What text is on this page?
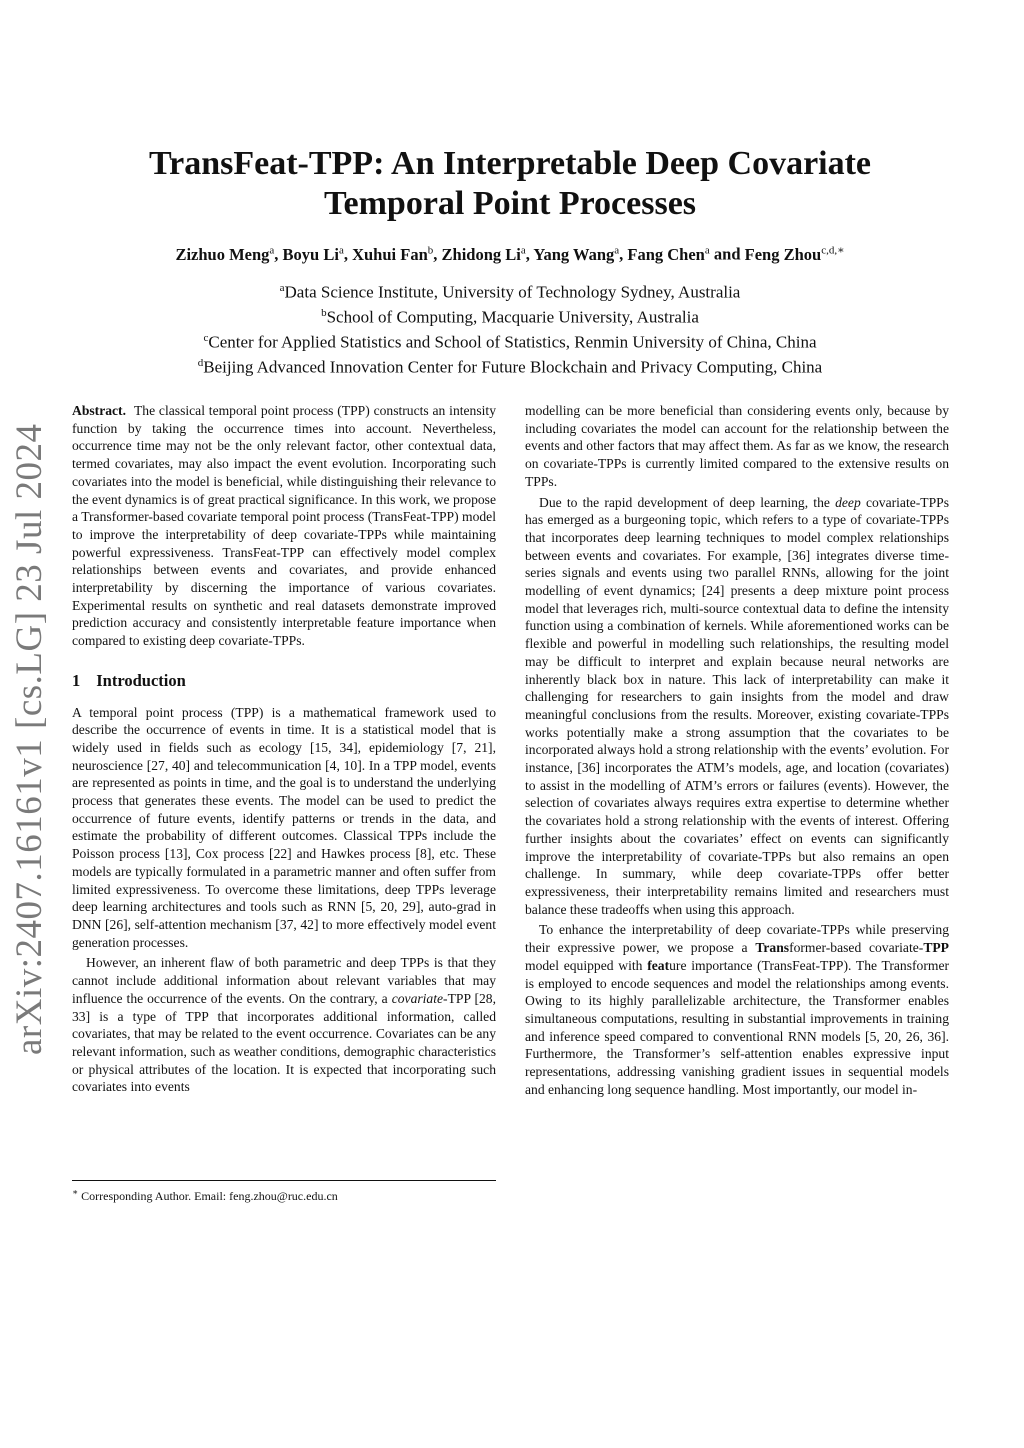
arXiv:2407.16161v1 [cs.LG] 23 Jul 2024
TransFeat-TPP: An Interpretable Deep Covariate
Temporal Point Processes

Zizhuo Meng$^a$, Boyu Li$^a$, Xuhui Fan$^b$, Zhidong Li$^a$, Yang Wang$^a$, Fang Chen$^a$ and Feng Zhou$^{c,d,∗}$

$^a$Data Science Institute, University of Technology Sydney, Australia
$^b$School of Computing, Macquarie University, Australia
$^c$Center for Applied Statistics and School of Statistics, Renmin University of China, China
$^d$Beijing Advanced Innovation Center for Future Blockchain and Privacy Computing, China

Abstract. The classical temporal point process (TPP) constructs an intensity function by taking the occurrence times into account. Nevertheless, occurrence time may not be the only relevant factor, other contextual data, termed covariates, may also impact the event evolution. Incorporating such covariates into the model is beneficial, while distinguishing their relevance to the event dynamics is of great practical significance. In this work, we propose a Transformer-based covariate temporal point process (TransFeat-TPP) model to improve the interpretability of deep covariate-TPPs while maintaining powerful expressiveness. TransFeat-TPP can effectively model complex relationships between events and covariates, and provide enhanced interpretability by discerning the importance of various covariates. Experimental results on synthetic and real datasets demonstrate improved prediction accuracy and consistently interpretable feature importance when compared to existing deep covariate-TPPs.

1 Introduction

A temporal point process (TPP) is a mathematical framework used to describe the occurrence of events in time. It is a statistical model that is widely used in fields such as ecology [15, 34], epidemiology [7, 21], neuroscience [27, 40] and telecommunication [4, 10]. In a TPP model, events are represented as points in time, and the goal is to understand the underlying process that generates these events. The model can be used to predict the occurrence of future events, identify patterns or trends in the data, and estimate the probability of different outcomes. Classical TPPs include the Poisson process [13], Cox process [22] and Hawkes process [8], etc. These models are typically formulated in a parametric manner and often suffer from limited expressiveness. To overcome these limitations, deep TPPs leverage deep learning architectures and tools such as RNN [5, 20, 29], auto-grad in DNN [26], self-attention mechanism [37, 42] to more effectively model event generation processes.

However, an inherent flaw of both parametric and deep TPPs is that they cannot include additional information about relevant variables that may influence the occurrence of the events. On the contrary, a covariate-TPP [28, 33] is a type of TPP that incorporates additional information, called covariates, that may be related to the event occurrence. Covariates can be any relevant information, such as weather conditions, demographic characteristics or physical attributes of the location. It is expected that incorporating such covariates into events

∗ Corresponding Author. Email: feng.zhou@ruc.edu.cn

modelling can be more beneficial than considering events only, because by including covariates the model can account for the relationship between the events and other factors that may affect them. As far as we know, the research on covariate-TPPs is currently limited compared to the extensive results on TPPs.

Due to the rapid development of deep learning, the deep covariate-TPPs has emerged as a burgeoning topic, which refers to a type of covariate-TPPs that incorporates deep learning techniques to model complex relationships between events and covariates. For example, [36] integrates diverse time-series signals and events using two parallel RNNs, allowing for the joint modelling of event dynamics; [24] presents a deep mixture point process model that leverages rich, multi-source contextual data to define the intensity function using a combination of kernels. While aforementioned works can be flexible and powerful in modelling such relationships, the resulting model may be difficult to interpret and explain because neural networks are inherently black box in nature. This lack of interpretability can make it challenging for researchers to gain insights from the model and draw meaningful conclusions from the results. Moreover, existing covariate-TPPs works potentially make a strong assumption that the covariates to be incorporated always hold a strong relationship with the events’ evolution. For instance, [36] incorporates the ATM’s models, age, and location (covariates) to assist in the modelling of ATM’s errors or failures (events). However, the selection of covariates always requires extra expertise to determine whether the covariates hold a strong relationship with the events of interest. Offering further insights about the covariates’ effect on events can significantly improve the interpretability of covariate-TPPs but also remains an open challenge. In summary, while deep covariate-TPPs offer better expressiveness, their interpretability remains limited and researchers must balance these tradeoffs when using this approach.

To enhance the interpretability of deep covariate-TPPs while preserving their expressive power, we propose a Transformer-based covariate-TPP model equipped with feature importance (TransFeat-TPP). The Transformer is employed to encode sequences and model the relationships among events. Owing to its highly parallelizable architecture, the Transformer enables simultaneous computations, resulting in substantial improvements in training and inference speed compared to conventional RNN models [5, 20, 26, 36]. Furthermore, the Transformer’s self-attention enables expressive input representations, addressing vanishing gradient issues in sequential models and enhancing long sequence handling. Most importantly, our model in-
